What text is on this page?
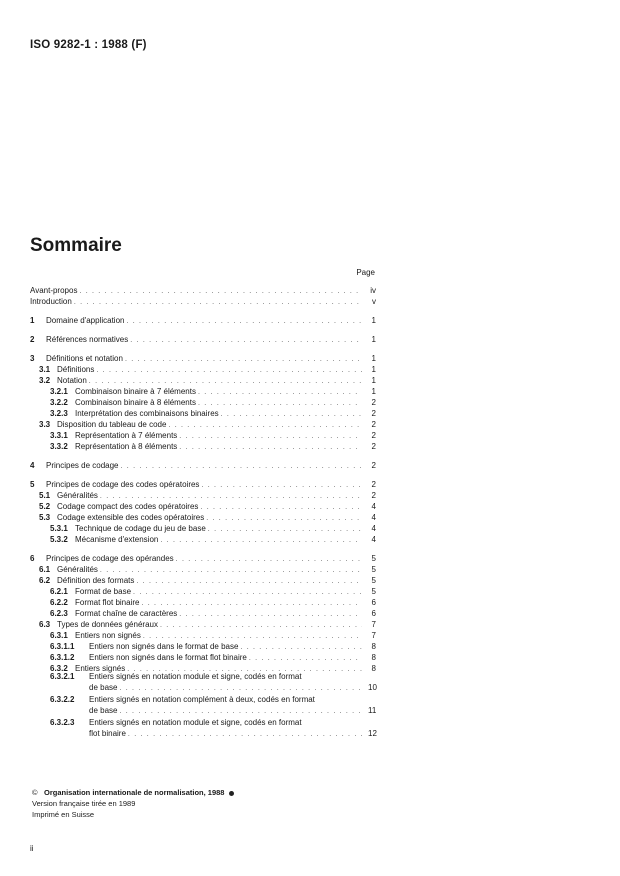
ISO 9282-1 : 1988 (F)
Sommaire
Page
Avant-propos . . .	iv
Introduction . . .	v
1 Domaine d'application . . .	1
2 Références normatives . . .	1
3 Définitions et notation . . .	1
3.1 Définitions . . .	1
3.2 Notation . . .	1
3.2.1 Combinaison binaire à 7 éléments . . .	1
3.2.2 Combinaison binaire à 8 éléments . . .	2
3.2.3 Interprétation des combinaisons binaires . . .	2
3.3 Disposition du tableau de code . . .	2
3.3.1 Représentation à 7 éléments . . .	2
3.3.2 Représentation à 8 éléments . . .	2
4 Principes de codage . . .	2
5 Principes de codage des codes opératoires . . .	2
5.1 Généralités . . .	2
5.2 Codage compact des codes opératoires . . .	4
5.3 Codage extensible des codes opératoires . . .	4
5.3.1 Technique de codage du jeu de base . . .	4
5.3.2 Mécanisme d'extension . . .	4
6 Principes de codage des opérandes . . .	5
6.1 Généralités . . .	5
6.2 Définition des formats . . .	5
6.2.1 Format de base . . .	5
6.2.2 Format flot binaire . . .	6
6.2.3 Format chaîne de caractères . . .	6
6.3 Types de données généraux . . .	7
6.3.1 Entiers non signés . . .	7
6.3.1.1 Entiers non signés dans le format de base . . .	8
6.3.1.2 Entiers non signés dans le format flot binaire . . .	8
6.3.2 Entiers signés . . .	8
6.3.2.1 Entiers signés en notation module et signe, codés en format
de base . . .	10
6.3.2.2 Entiers signés en notation complément à deux, codés en format
de base . . .	11
6.3.2.3 Entiers signés en notation module et signe, codés en format
flot binaire . . .	12
© Organisation internationale de normalisation, 1988
Version française tirée en 1989
Imprimé en Suisse
ii
